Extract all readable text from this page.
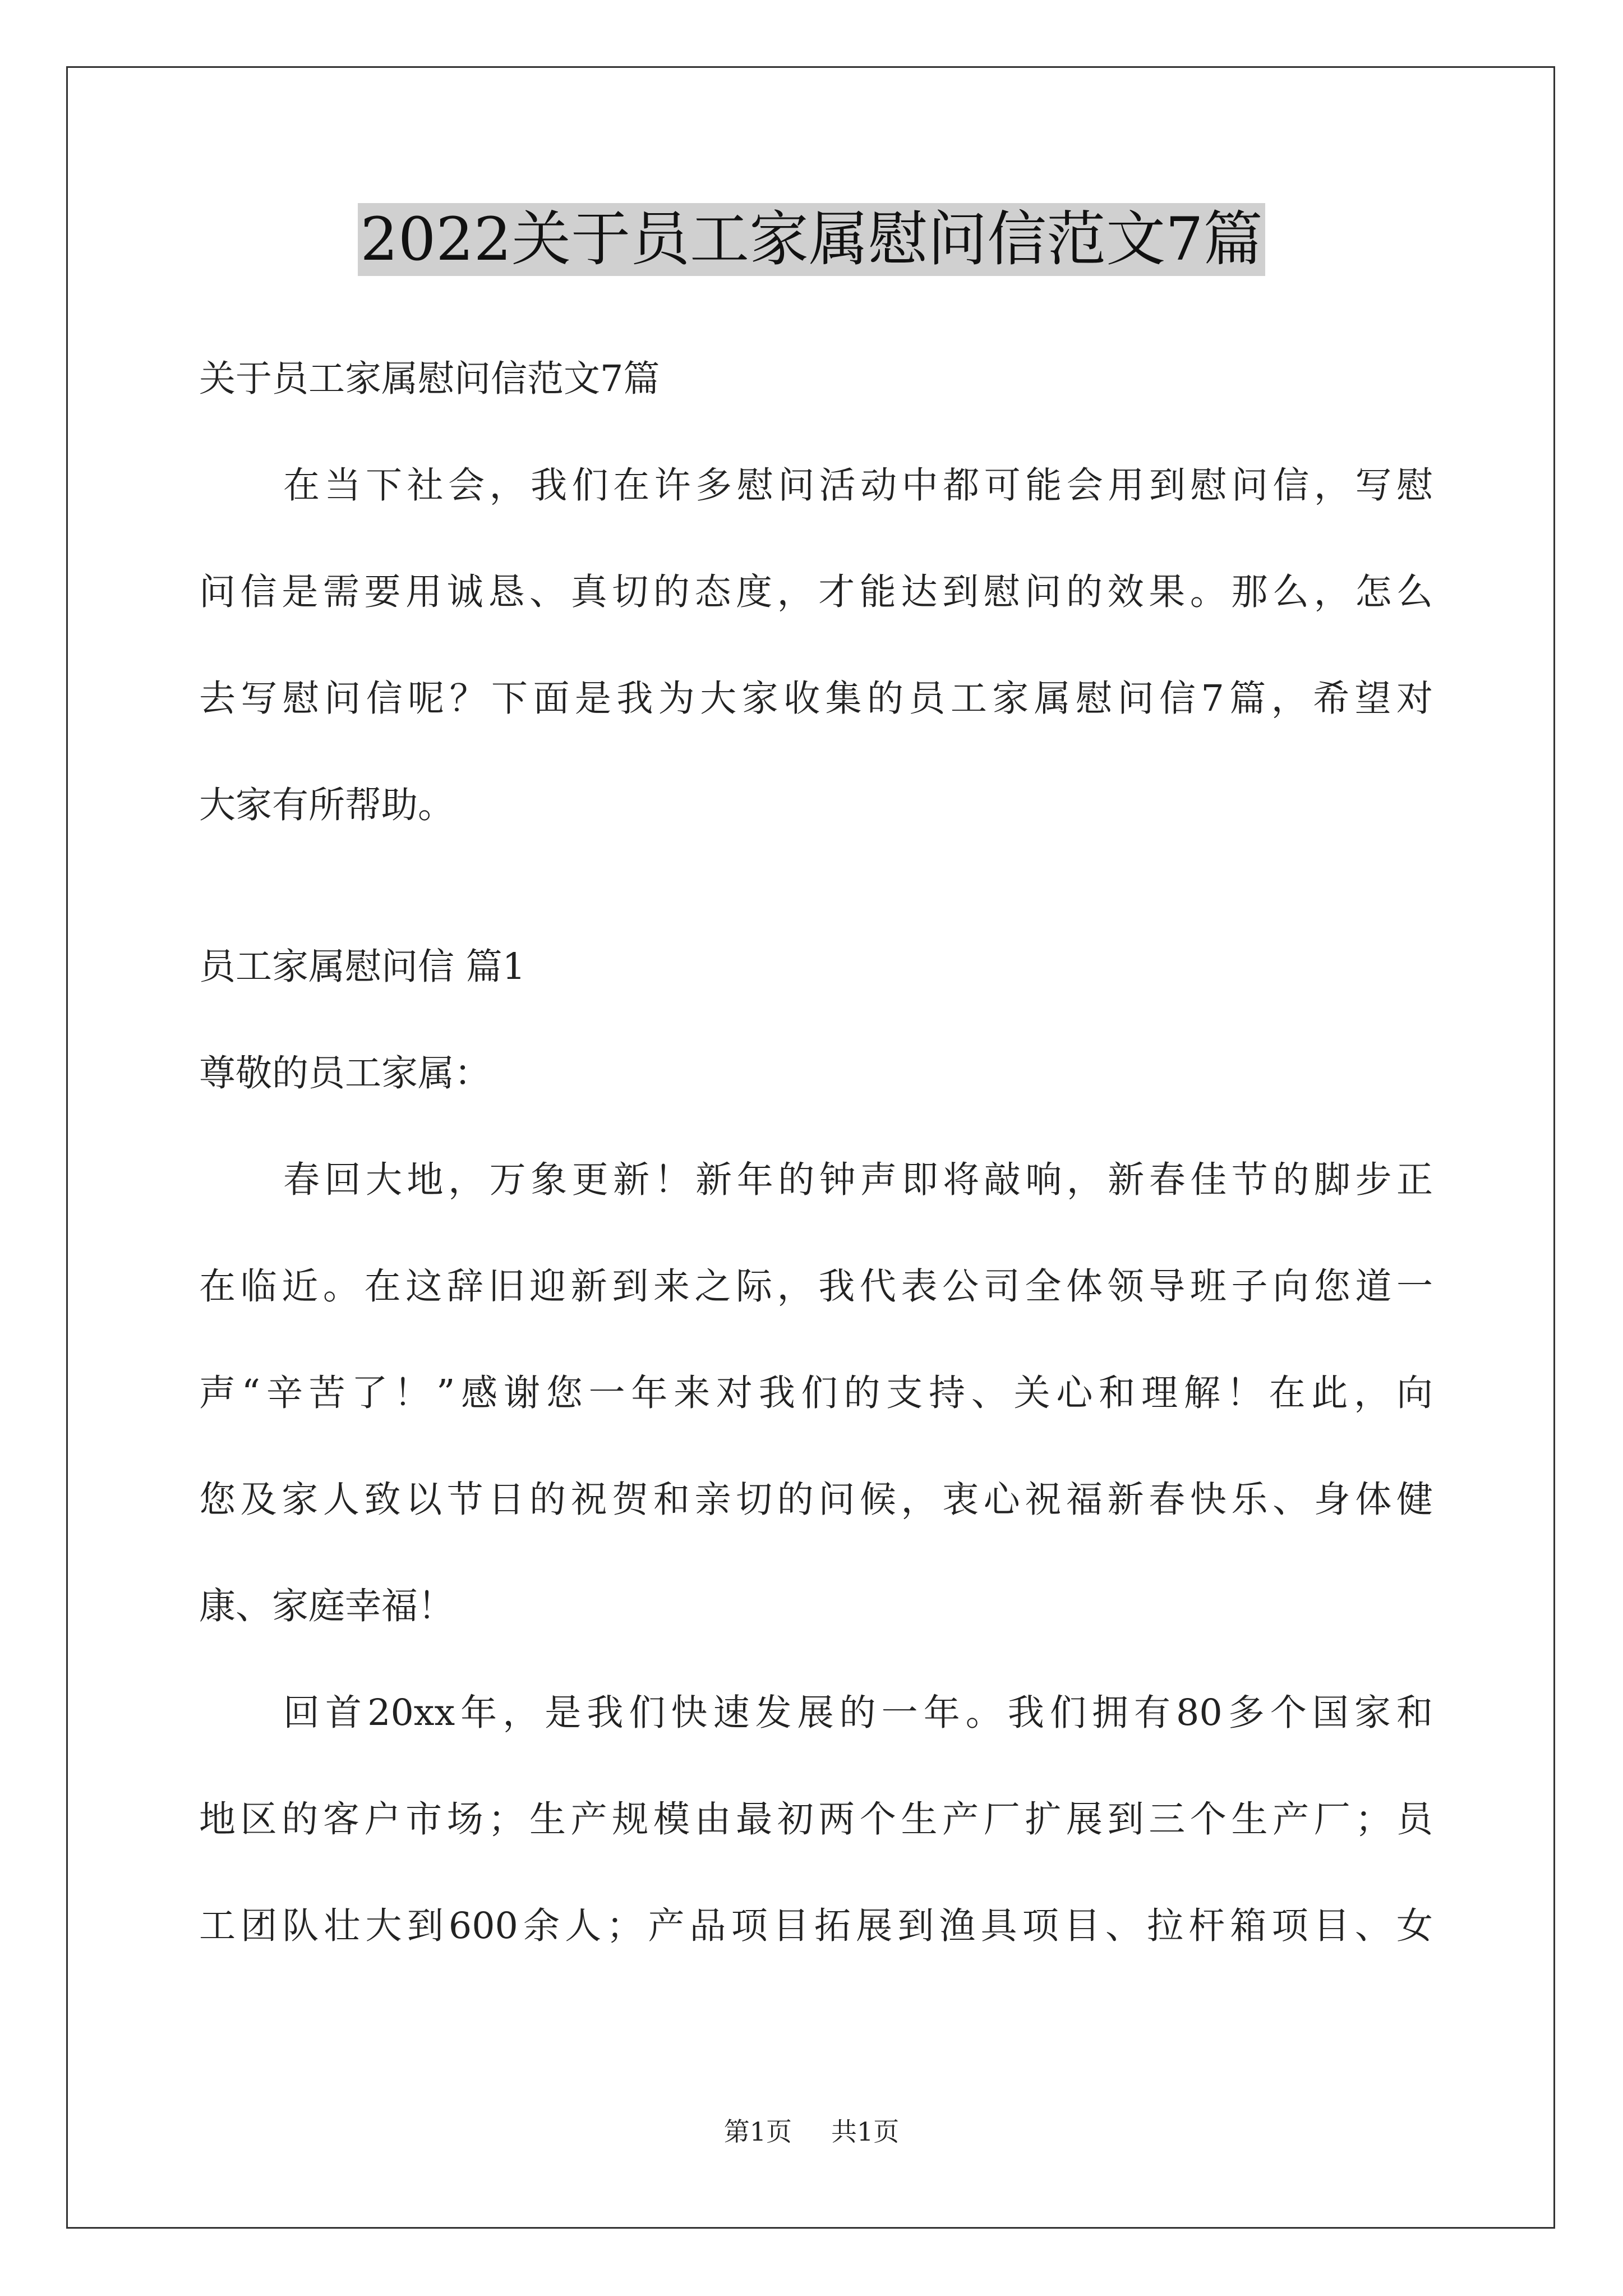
2022关于员工家属慰问信范文7篇
关于员工家属慰问信范文7篇
在当下社会，我们在许多慰问活动中都可能会用到慰问信，写慰
问信是需要用诚恳、真切的态度，才能达到慰问的效果。那么，怎么
去写慰问信呢？下面是我为大家收集的员工家属慰问信7篇，希望对
大家有所帮助。
员工家属慰问信 篇1
尊敬的员工家属：
春回大地，万象更新！新年的钟声即将敲响，新春佳节的脚步正
在临近。在这辞旧迎新到来之际，我代表公司全体领导班子向您道一
声“辛苦了！”感谢您一年来对我们的支持、关心和理解！在此，向
您及家人致以节日的祝贺和亲切的问候，衷心祝福新春快乐、身体健
康、家庭幸福！
回首20xx年，是我们快速发展的一年。我们拥有80多个国家和
地区的客户市场；生产规模由最初两个生产厂扩展到三个生产厂；员
工团队壮大到600余人；产品项目拓展到渔具项目、拉杆箱项目、女
第1页 共1页
